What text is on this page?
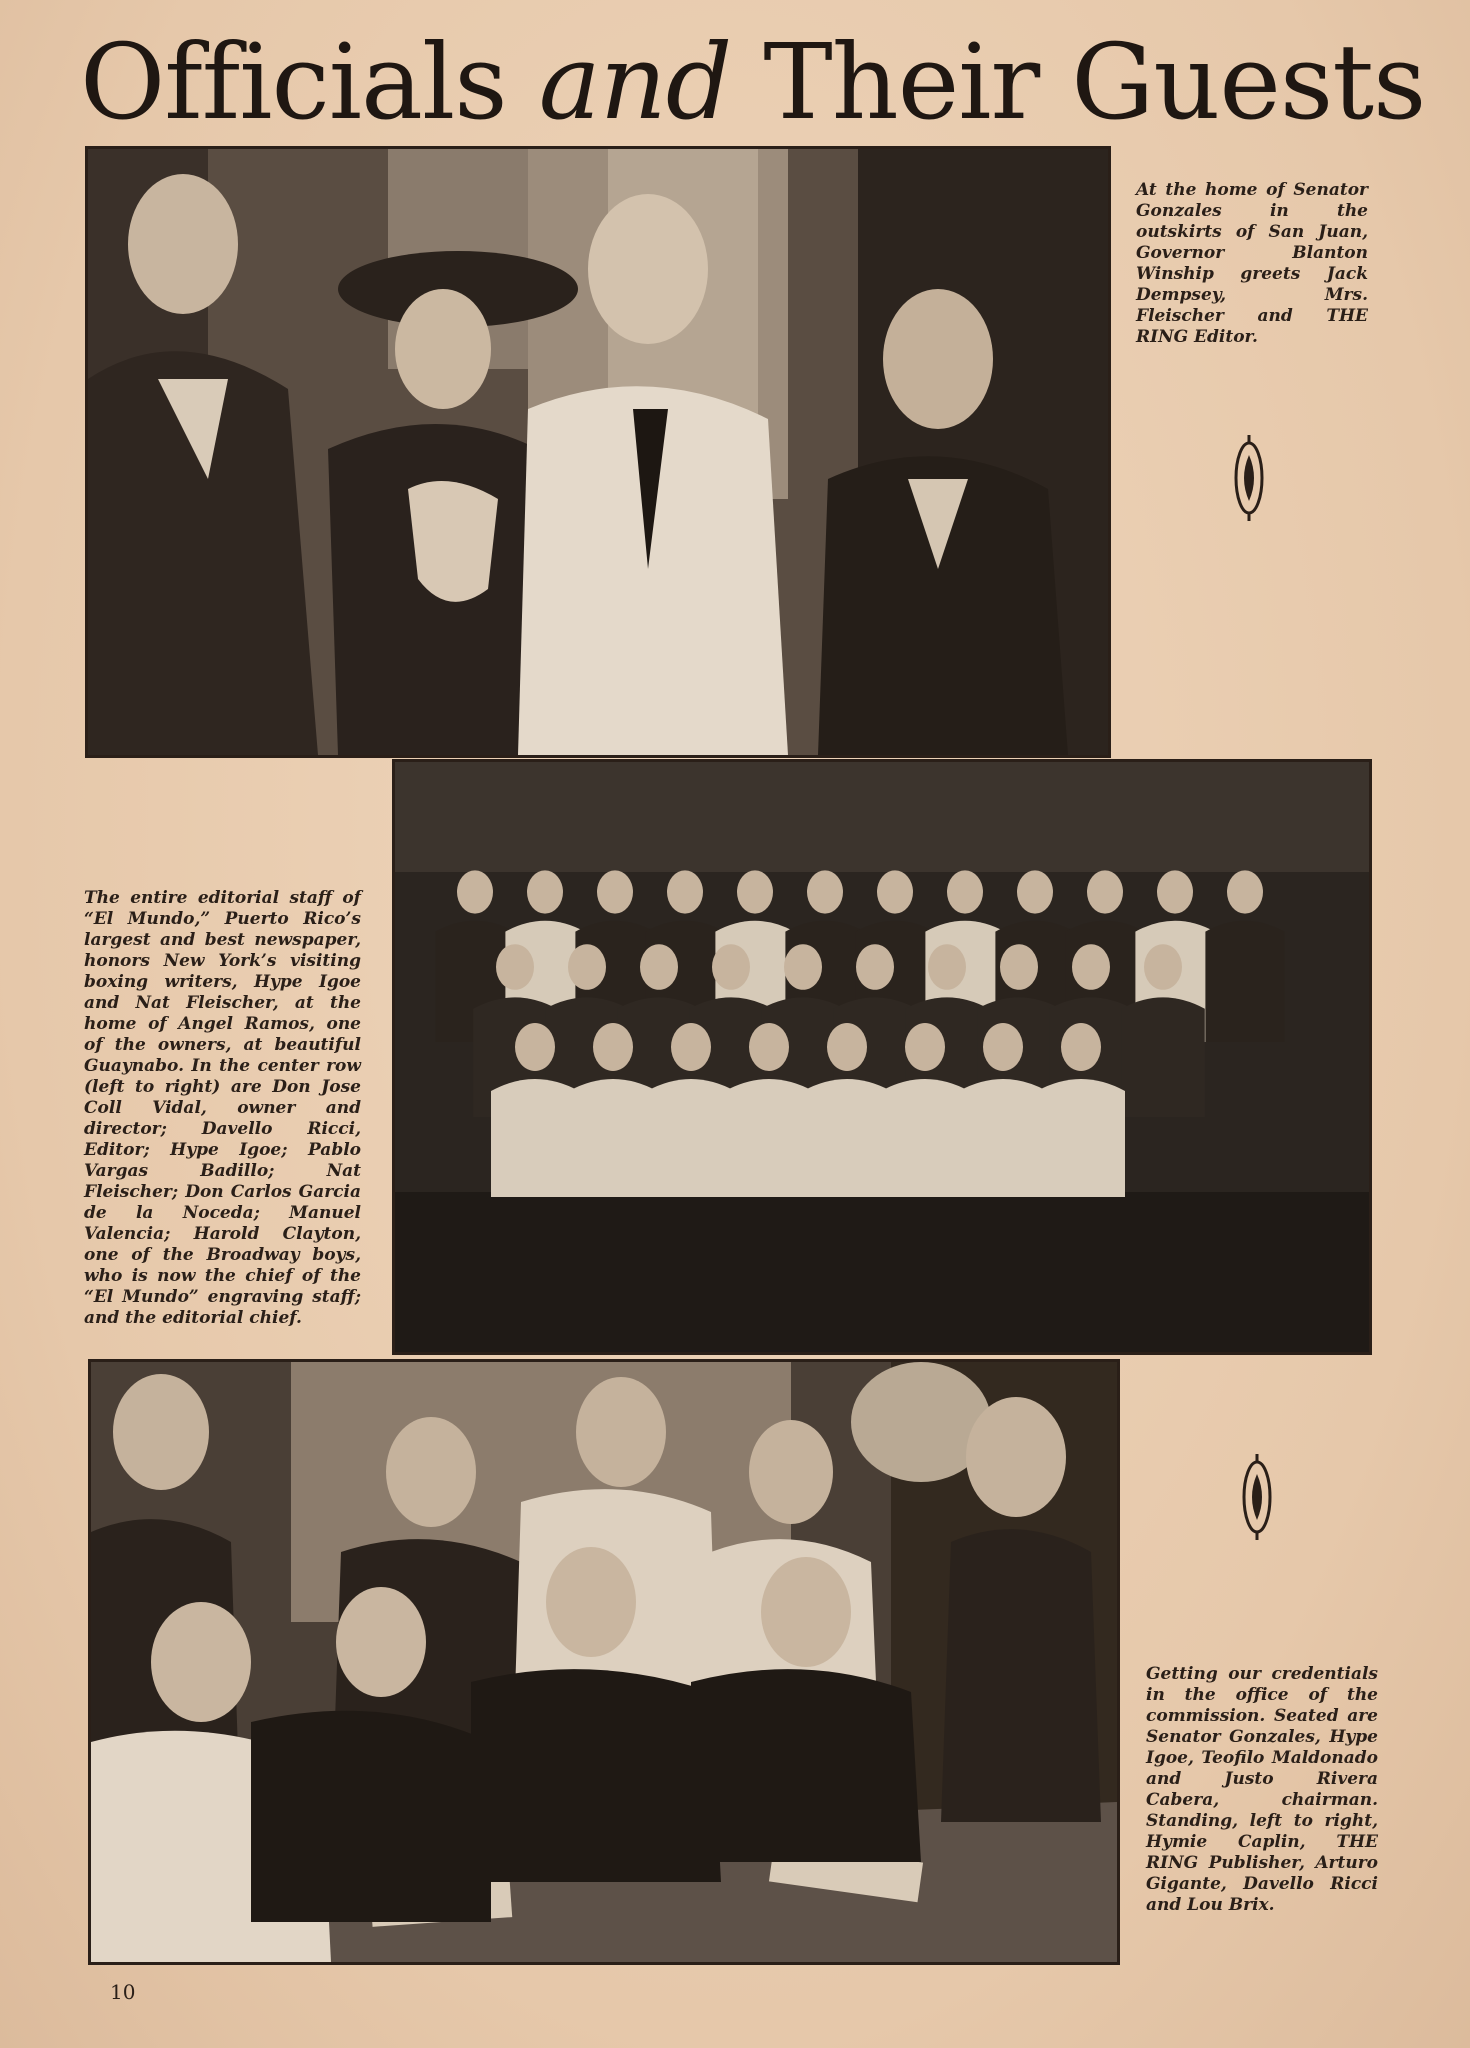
Officials and Their Guests
At the home of Senator Gonzales in the outskirts of San Juan, Governor Blanton Winship greets Jack Dempsey, Mrs. Fleischer and THE RING Editor.
The entire editorial staff of “El Mundo,” Puerto Rico’s largest and best newspaper, honors New York’s visiting boxing writers, Hype Igoe and Nat Fleischer, at the home of Angel Ramos, one of the owners, at beautiful Guaynabo. In the center row (left to right) are Don Jose Coll Vidal, owner and director; Davello Ricci, Editor; Hype Igoe; Pablo Vargas Badillo; Nat Fleischer; Don Carlos Garcia de la Noceda; Manuel Valencia; Harold Clayton, one of the Broadway boys, who is now the chief of the “El Mundo” engraving staff; and the editorial chief.
Getting our credentials in the office of the commission. Seated are Senator Gonzales, Hype Igoe, Teofilo Maldonado and Justo Rivera Cabera, chairman. Standing, left to right, Hymie Caplin, THE RING Publisher, Arturo Gigante, Davello Ricci and Lou Brix.
10
